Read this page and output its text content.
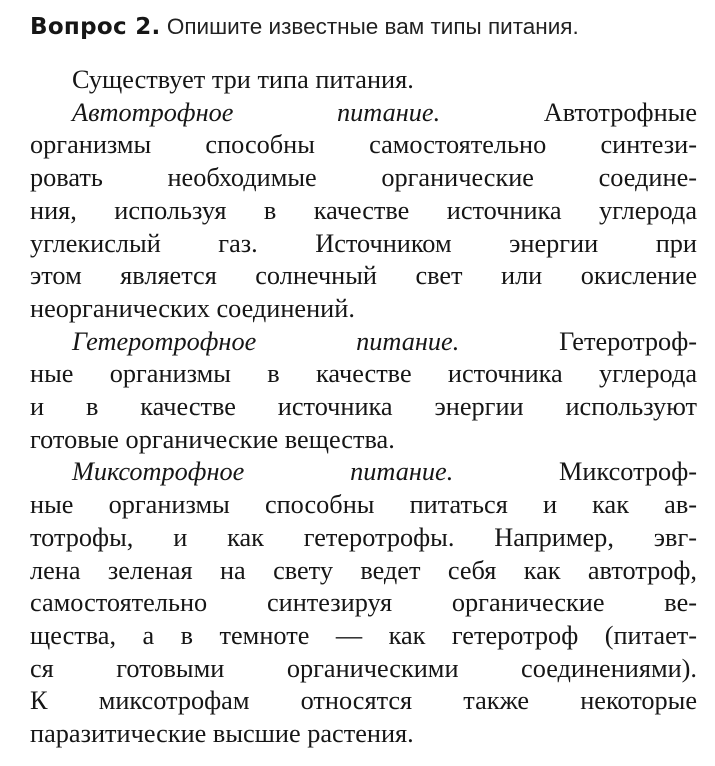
Вопрос 2. Опишите известные вам типы питания.
Существует три типа питания.
Автотрофное питание. Автотрофные
организмы способны самостоятельно синтези-
ровать необходимые органические соедине-
ния, используя в качестве источника углерода
углекислый газ. Источником энергии при
этом является солнечный свет или окисление
неорганических соединений.
Гетеротрофное питание. Гетеротроф-
ные организмы в качестве источника углерода
и в качестве источника энергии используют
готовые органические вещества.
Миксотрофное питание. Миксотроф-
ные организмы способны питаться и как ав-
тотрофы, и как гетеротрофы. Например, эвг-
лена зеленая на свету ведет себя как автотроф,
самостоятельно синтезируя органические ве-
щества, а в темноте — как гетеротроф (питает-
ся готовыми органическими соединениями).
К миксотрофам относятся также некоторые
паразитические высшие растения.
